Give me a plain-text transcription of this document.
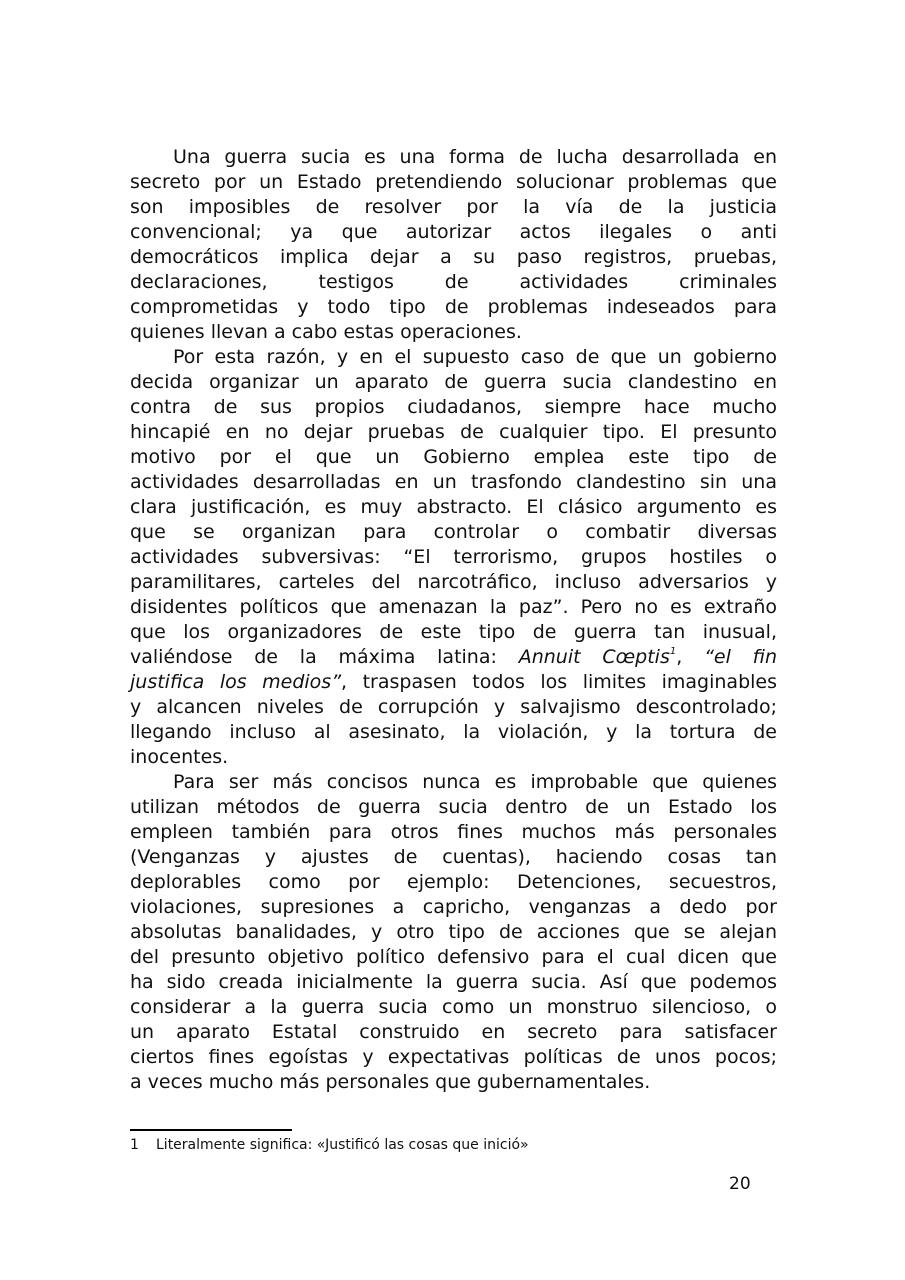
Una guerra sucia es una forma de lucha desarrollada en
secreto por un Estado pretendiendo solucionar problemas que
son imposibles de resolver por la vía de la justicia
convencional; ya que autorizar actos ilegales o anti
democráticos implica dejar a su paso registros, pruebas,
declaraciones, testigos de actividades criminales
comprometidas y todo tipo de problemas indeseados para
quienes llevan a cabo estas operaciones.
Por esta razón, y en el supuesto caso de que un gobierno
decida organizar un aparato de guerra sucia clandestino en
contra de sus propios ciudadanos, siempre hace mucho
hincapié en no dejar pruebas de cualquier tipo. El presunto
motivo por el que un Gobierno emplea este tipo de
actividades desarrolladas en un trasfondo clandestino sin una
clara justificación, es muy abstracto. El clásico argumento es
que se organizan para controlar o combatir diversas
actividades subversivas: “El terrorismo, grupos hostiles o
paramilitares, carteles del narcotráfico, incluso adversarios y
disidentes políticos que amenazan la paz”. Pero no es extraño
que los organizadores de este tipo de guerra tan inusual,
valiéndose de la máxima latina: Annuit Cœptis$^1$, “el fin
justifica los medios”, traspasen todos los limites imaginables
y alcancen niveles de corrupción y salvajismo descontrolado;
llegando incluso al asesinato, la violación, y la tortura de
inocentes.
Para ser más concisos nunca es improbable que quienes
utilizan métodos de guerra sucia dentro de un Estado los
empleen también para otros fines muchos más personales
(Venganzas y ajustes de cuentas), haciendo cosas tan
deplorables como por ejemplo: Detenciones, secuestros,
violaciones, supresiones a capricho, venganzas a dedo por
absolutas banalidades, y otro tipo de acciones que se alejan
del presunto objetivo político defensivo para el cual dicen que
ha sido creada inicialmente la guerra sucia. Así que podemos
considerar a la guerra sucia como un monstruo silencioso, o
un aparato Estatal construido en secreto para satisfacer
ciertos fines egoístas y expectativas políticas de unos pocos;
a veces mucho más personales que gubernamentales.
1 Literalmente significa: «Justificó las cosas que inició»
20
